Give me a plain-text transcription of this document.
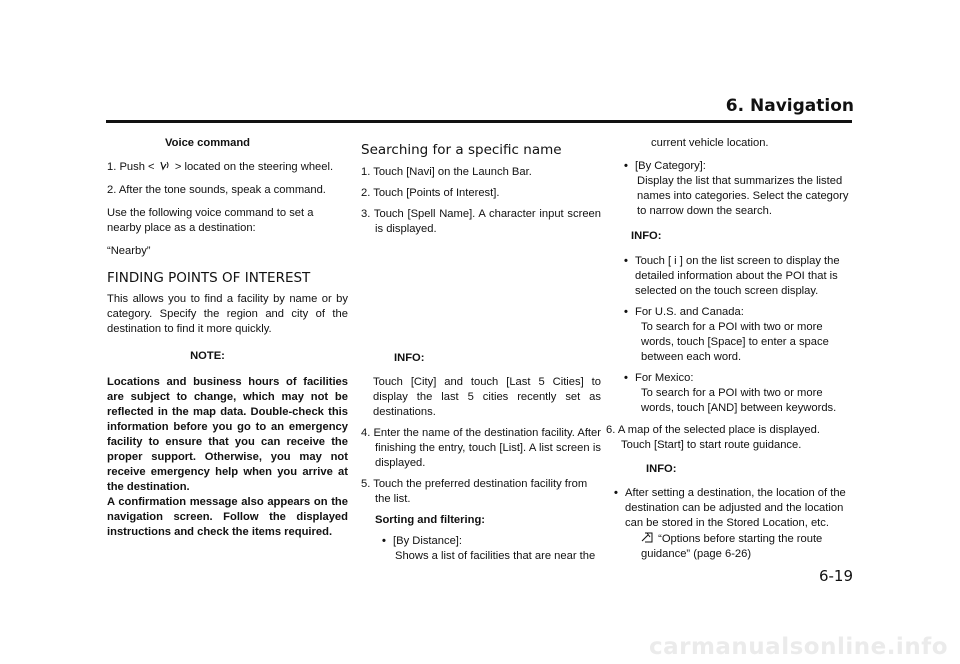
6. Navigation

Voice command

1. Push < > located on the steering wheel.

2. After the tone sounds, speak a command.

Use the following voice command to set a nearby place as a destination:

“Nearby”

FINDING POINTS OF INTEREST

This allows you to find a facility by name or by category. Specify the region and city of the destination to find it more quickly.

NOTE:

Locations and business hours of facilities are subject to change, which may not be reflected in the map data. Double-check this information before you go to an emergency facility to ensure that you can receive the proper support. Otherwise, you may not receive emergency help when you arrive at the destination.

A confirmation message also appears on the navigation screen. Follow the displayed instructions and check the items required.

Searching for a specific name

1. Touch [Navi] on the Launch Bar.

2. Touch [Points of Interest].

3. Touch [Spell Name]. A character input screen is displayed.

INFO:

Touch [City] and touch [Last 5 Cities] to display the last 5 cities recently set as destinations.

4. Enter the name of the destination facility. After finishing the entry, touch [List]. A list screen is displayed.

5. Touch the preferred destination facility from the list.

Sorting and filtering:

• [By Distance]:

Shows a list of facilities that are near the

current vehicle location.

• [By Category]:

Display the list that summarizes the listed names into categories. Select the category to narrow down the search.

INFO:

• Touch [ i ] on the list screen to display the detailed information about the POI that is selected on the touch screen display.

• For U.S. and Canada:

To search for a POI with two or more words, touch [Space] to enter a space between each word.

• For Mexico:

To search for a POI with two or more words, touch [AND] between keywords.

6. A map of the selected place is displayed.

Touch [Start] to start route guidance.

INFO:

• After setting a destination, the location of the destination can be adjusted and the location can be stored in the Stored Location, etc.

“Options before starting the route guidance” (page 6-26)

6-19
carmanualsonline.info
